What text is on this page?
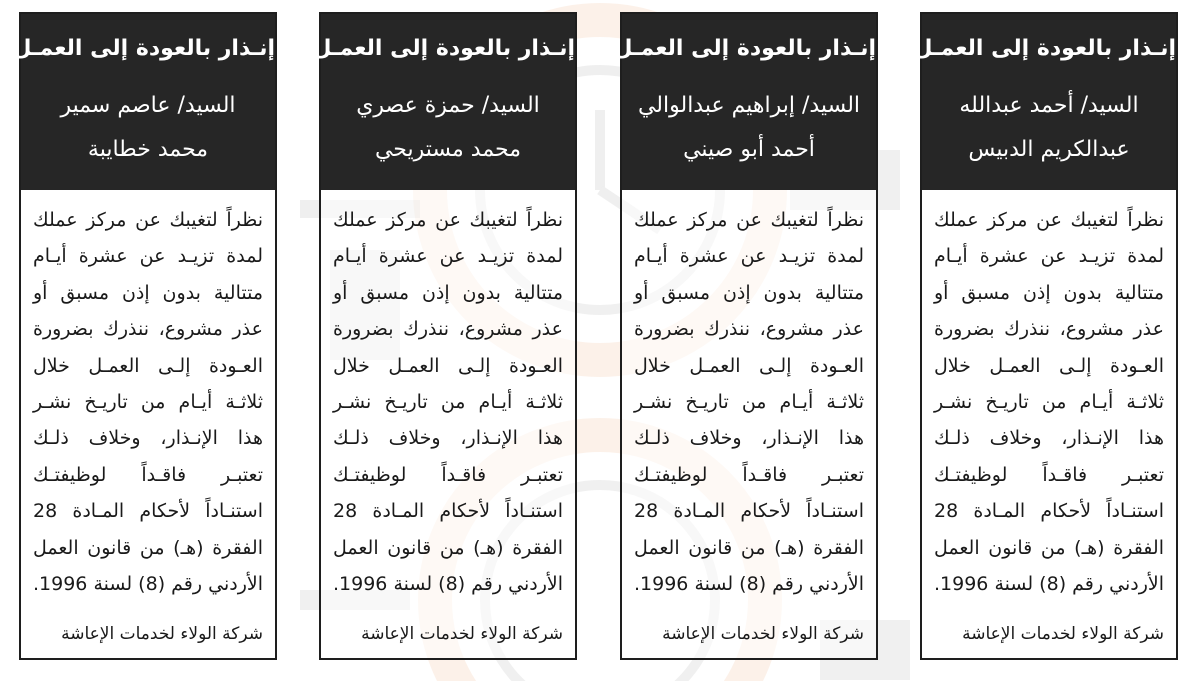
إنـذار بالعودة إلى العمـل
السيد/ عاصم سمير
محمد خطايبة
نظراً لتغيبك عن مركز عملك
لمدة تزيـد عن عشرة أيـام
متتالية بدون إذن مسبق أو
عذر مشروع، ننذرك بضرورة
العـودة إلـى العمـل خلال
ثلاثـة أيـام من تاريـخ نشـر
هذا الإنـذار، وخلاف ذلـك
تعتبـر فاقـداً لوظيفتـك
استنـاداً لأحكام المـادة 28
الفقرة (هـ) من قانون العمل
الأردني رقم (8) لسنة 1996.
شركة الولاء لخدمات الإعاشة
إنـذار بالعودة إلى العمـل
السيد/ حمزة عصري
محمد مستريحي
نظراً لتغيبك عن مركز عملك
لمدة تزيـد عن عشرة أيـام
متتالية بدون إذن مسبق أو
عذر مشروع، ننذرك بضرورة
العـودة إلـى العمـل خلال
ثلاثـة أيـام من تاريـخ نشـر
هذا الإنـذار، وخلاف ذلـك
تعتبـر فاقـداً لوظيفتـك
استنـاداً لأحكام المـادة 28
الفقرة (هـ) من قانون العمل
الأردني رقم (8) لسنة 1996.
شركة الولاء لخدمات الإعاشة
إنـذار بالعودة إلى العمـل
السيد/ إبراهيم عبدالوالي
أحمد أبو صيني
نظراً لتغيبك عن مركز عملك
لمدة تزيـد عن عشرة أيـام
متتالية بدون إذن مسبق أو
عذر مشروع، ننذرك بضرورة
العـودة إلـى العمـل خلال
ثلاثـة أيـام من تاريـخ نشـر
هذا الإنـذار، وخلاف ذلـك
تعتبـر فاقـداً لوظيفتـك
استنـاداً لأحكام المـادة 28
الفقرة (هـ) من قانون العمل
الأردني رقم (8) لسنة 1996.
شركة الولاء لخدمات الإعاشة
إنـذار بالعودة إلى العمـل
السيد/ أحمد عبدالله
عبدالكريم الدبيس
نظراً لتغيبك عن مركز عملك
لمدة تزيـد عن عشرة أيـام
متتالية بدون إذن مسبق أو
عذر مشروع، ننذرك بضرورة
العـودة إلـى العمـل خلال
ثلاثـة أيـام من تاريـخ نشـر
هذا الإنـذار، وخلاف ذلـك
تعتبـر فاقـداً لوظيفتـك
استنـاداً لأحكام المـادة 28
الفقرة (هـ) من قانون العمل
الأردني رقم (8) لسنة 1996.
شركة الولاء لخدمات الإعاشة
